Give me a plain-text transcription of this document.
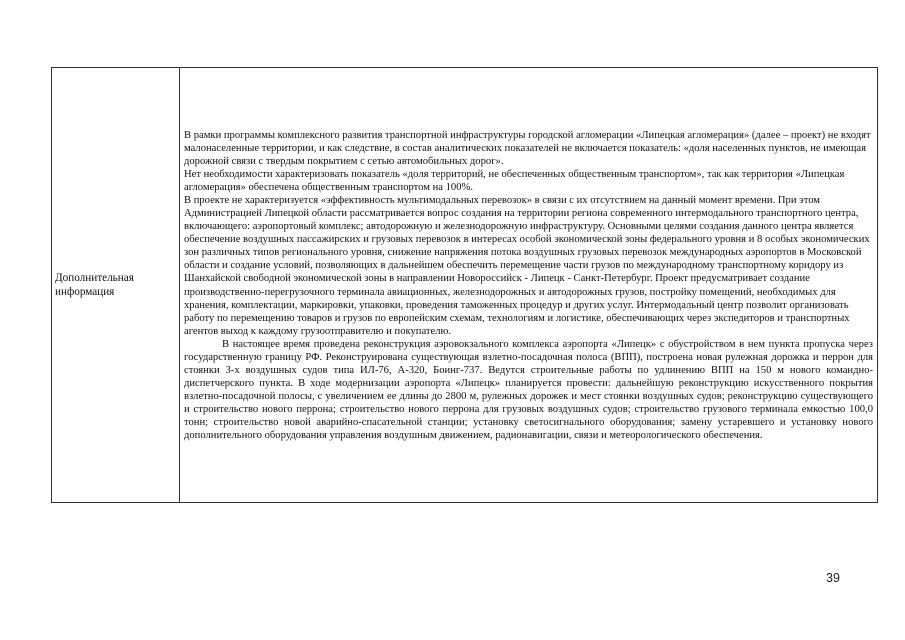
Дополнительная информация	

В рамки программы комплексного развития транспортной инфраструктуры городской агломерации «Липецкая агломерация» (далее – проект) не входят малонаселенные территории, и как следствие, в состав аналитических показателей не включается показатель: «доля населенных пунктов, не имеющая дорожной связи с твердым покрытием с сетью автомобильных дорог».

Нет необходимости характеризовать показатель «доля территорий, не обеспеченных общественным транспортом», так как территория «Липецкая агломерация» обеспечена общественным транспортом на 100%.

В проекте не характеризуется «эффективность мультимодальных перевозок» в связи с их отсутствием на данный момент времени. При этом Администрацией Липецкой области рассматривается вопрос создания на территории региона современного интермодального транспортного центра, включающего: аэропортовый комплекс; автодорожную и железнодорожную инфраструктуру. Основными целями создания данного центра является обеспечение воздушных пассажирских и грузовых перевозок в интересах особой экономической зоны федерального уровня и 8 особых экономических зон различных типов регионального уровня, снижение напряжения потока воздушных грузовых перевозок международных аэропортов в Московской области и создание условий, позволяющих в дальнейшем обеспечить перемещение части грузов по международному транспортному коридору из Шанхайской свободной экономической зоны в направлении Новороссийск - Липецк - Санкт-Петербург. Проект предусматривает создание производственно-перегрузочного терминала авиационных, железнодорожных и автодорожных грузов, постройку помещений, необходимых для хранения, комплектации, маркировки, упаковки, проведения таможенных процедур и других услуг. Интермодальный центр позволит организовать работу по перемещению товаров и грузов по европейским схемам, технологиям и логистике, обеспечивающих через экспедиторов и транспортных агентов выход к каждому грузоотправителю и покупателю.

В настоящее время проведена реконструкция аэровокзального комплекса аэропорта «Липецк» с обустройством в нем пункта пропуска через государственную границу РФ. Реконструирована существующая взлетно-посадочная полоса (ВПП), построена новая рулежная дорожка и перрон для стоянки 3-х воздушных судов типа ИЛ-76, А-320, Боинг-737. Ведутся строительные работы по удлинению ВПП на 150 м нового командно-диспетчерского пункта. В ходе модернизации аэропорта «Липецк» планируется провести: дальнейшую реконструкцию искусственного покрытия взлетно-посадочной полосы, с увеличением ее длины до 2800 м, рулежных дорожек и мест стоянки воздушных судов; реконструкцию существующего и строительство нового перрона; строительство нового перрона для грузовых воздушных судов; строительство грузового терминала емкостью 100,0 тонн; строительство новой аварийно-спасательной станции; установку светосигнального оборудования; замену устаревшего и установку нового дополнительного оборудования управления воздушным движением, радионавигации, связи и метеорологического обеспечения.

39
